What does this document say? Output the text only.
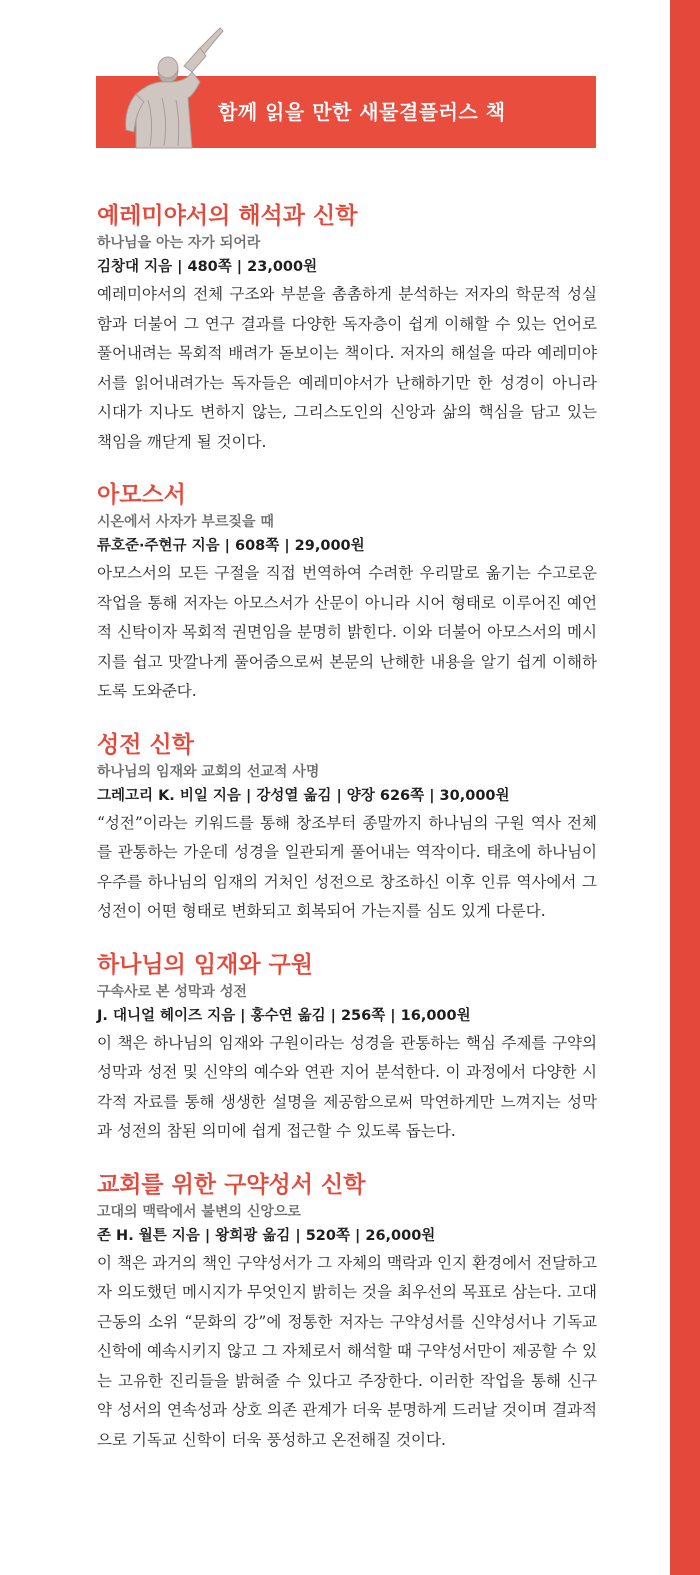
함께 읽을 만한 새물결플러스 책
예레미야서의 해석과 신학
하나님을 아는 자가 되어라
김창대 지음 | 480쪽 | 23,000원

예레미야서의 전체 구조와 부분을 촘촘하게 분석하는 저자의 학문적 성실함과 더불어 그 연구 결과를 다양한 독자층이 쉽게 이해할 수 있는 언어로 풀어내려는 목회적 배려가 돋보이는 책이다. 저자의 해설을 따라 예레미야서를 읽어내려가는 독자들은 예레미야서가 난해하기만 한 성경이 아니라 시대가 지나도 변하지 않는, 그리스도인의 신앙과 삶의 핵심을 담고 있는 책임을 깨닫게 될 것이다.

아모스서
시온에서 사자가 부르짖을 때
류호준·주현규 지음 | 608쪽 | 29,000원

아모스서의 모든 구절을 직접 번역하여 수려한 우리말로 옮기는 수고로운 작업을 통해 저자는 아모스서가 산문이 아니라 시어 형태로 이루어진 예언적 신탁이자 목회적 권면임을 분명히 밝힌다. 이와 더불어 아모스서의 메시지를 쉽고 맛깔나게 풀어줌으로써 본문의 난해한 내용을 알기 쉽게 이해하도록 도와준다.

성전 신학
하나님의 임재와 교회의 선교적 사명
그레고리 K. 비일 지음 | 강성열 옮김 | 양장 626쪽 | 30,000원

“성전”이라는 키워드를 통해 창조부터 종말까지 하나님의 구원 역사 전체를 관통하는 가운데 성경을 일관되게 풀어내는 역작이다. 태초에 하나님이 우주를 하나님의 임재의 거처인 성전으로 창조하신 이후 인류 역사에서 그 성전이 어떤 형태로 변화되고 회복되어 가는지를 심도 있게 다룬다.

하나님의 임재와 구원
구속사로 본 성막과 성전
J. 대니얼 헤이즈 지음 | 홍수연 옮김 | 256쪽 | 16,000원

이 책은 하나님의 임재와 구원이라는 성경을 관통하는 핵심 주제를 구약의 성막과 성전 및 신약의 예수와 연관 지어 분석한다. 이 과정에서 다양한 시각적 자료를 통해 생생한 설명을 제공함으로써 막연하게만 느껴지는 성막과 성전의 참된 의미에 쉽게 접근할 수 있도록 돕는다.

교회를 위한 구약성서 신학
고대의 맥락에서 불변의 신앙으로
존 H. 월튼 지음 | 왕희광 옮김 | 520쪽 | 26,000원

이 책은 과거의 책인 구약성서가 그 자체의 맥락과 인지 환경에서 전달하고자 의도했던 메시지가 무엇인지 밝히는 것을 최우선의 목표로 삼는다. 고대 근동의 소위 “문화의 강”에 정통한 저자는 구약성서를 신약성서나 기독교 신학에 예속시키지 않고 그 자체로서 해석할 때 구약성서만이 제공할 수 있는 고유한 진리들을 밝혀줄 수 있다고 주장한다. 이러한 작업을 통해 신구약 성서의 연속성과 상호 의존 관계가 더욱 분명하게 드러날 것이며 결과적으로 기독교 신학이 더욱 풍성하고 온전해질 것이다.
